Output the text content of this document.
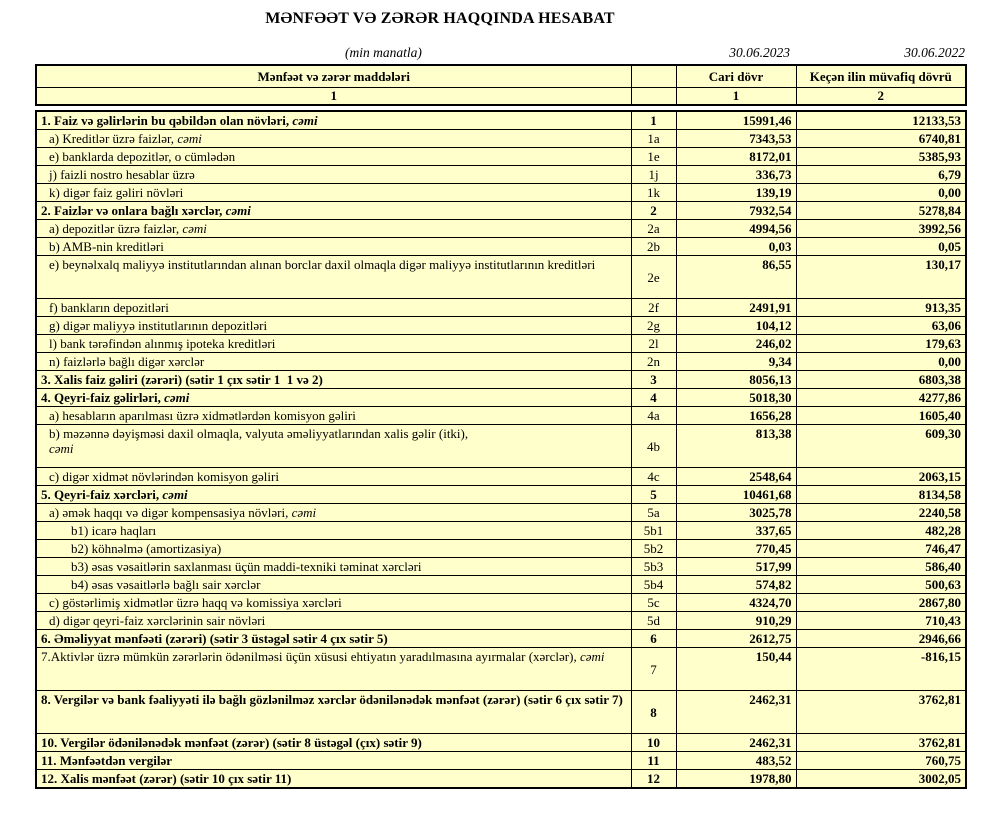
MƏNFƏƏT VƏ ZƏRƏR HAQQINDA HESABAT
(min manatla)	30.06.2023	30.06.2022
Mənfəət və zərər maddələri		Cari dövr	Keçən ilin müvafiq dövrü
1		1	2
1. Faiz və gəlirlərin bu qəbildən olan növləri, cəmi	1	15991,46	12133,53
a) Kreditlər üzrə faizlər, cəmi	1a	7343,53	6740,81
e) banklarda depozitlər, o cümlədən	1e	8172,01	5385,93
j) faizli nostro hesablar üzrə	1j	336,73	6,79
k) digər faiz gəliri növləri	1k	139,19	0,00
2. Faizlər və onlara bağlı xərclər, cəmi	2	7932,54	5278,84
a) depozitlər üzrə faizlər, cəmi	2a	4994,56	3992,56
b) AMB-nin kreditləri	2b	0,03	0,05
e) beynəlxalq maliyyə institutlarından alınan borclar daxil olmaqla digər maliyyə institutlarının kreditləri	2e	86,55	130,17
f) bankların depozitləri	2f	2491,91	913,35
g) digər maliyyə institutlarının depozitləri	2g	104,12	63,06
l) bank tərəfindən alınmış ipoteka kreditləri	2l	246,02	179,63
n) faizlərlə bağlı digər xərclər	2n	9,34	0,00
3. Xalis faiz gəliri (zərəri) (sətir 1 çıx sətir 1  1 və 2)	3	8056,13	6803,38
4. Qeyri-faiz gəlirləri, cəmi	4	5018,30	4277,86
a) hesabların aparılması üzrə xidmətlərdən komisyon gəliri	4a	1656,28	1605,40
b) məzənnə dəyişməsi daxil olmaqla, valyuta əməliyyatlarından xalis gəlir (itki),
cəmi	4b	813,38	609,30
c) digər xidmət növlərindən komisyon gəliri	4c	2548,64	2063,15
5. Qeyri-faiz xərcləri, cəmi	5	10461,68	8134,58
a) əmək haqqı və digər kompensasiya növləri, cəmi	5a	3025,78	2240,58
b1) icarə haqları	5b1	337,65	482,28
b2) köhnəlmə (amortizasiya)	5b2	770,45	746,47
b3) əsas vəsaitlərin saxlanması üçün maddi-texniki təminat xərcləri	5b3	517,99	586,40
b4) əsas vəsaitlərlə bağlı sair xərclər	5b4	574,82	500,63
c) göstərlimiş xidmətlər üzrə haqq və komissiya xərcləri	5c	4324,70	2867,80
d) digər qeyri-faiz xərclərinin sair növləri	5d	910,29	710,43
6. Əməliyyat mənfəəti (zərəri) (sətir 3 üstəgəl sətir 4 çıx sətir 5)	6	2612,75	2946,66
7.Aktivlər üzrə mümkün zərərlərin ödənilməsi üçün xüsusi ehtiyatın yaradılmasına ayırmalar (xərclər), cəmi	7	150,44	-816,15
8. Vergilər və bank fəaliyyəti ilə bağlı gözlənilməz xərclər ödənilənədək mənfəət (zərər) (sətir 6 çıx sətir 7)	8	2462,31	3762,81
10. Vergilər ödənilənədək mənfəət (zərər) (sətir 8 üstəgəl (çıx) sətir 9)	10	2462,31	3762,81
11. Mənfəətdən vergilər	11	483,52	760,75
12. Xalis mənfəət (zərər) (sətir 10 çıx sətir 11)	12	1978,80	3002,05
